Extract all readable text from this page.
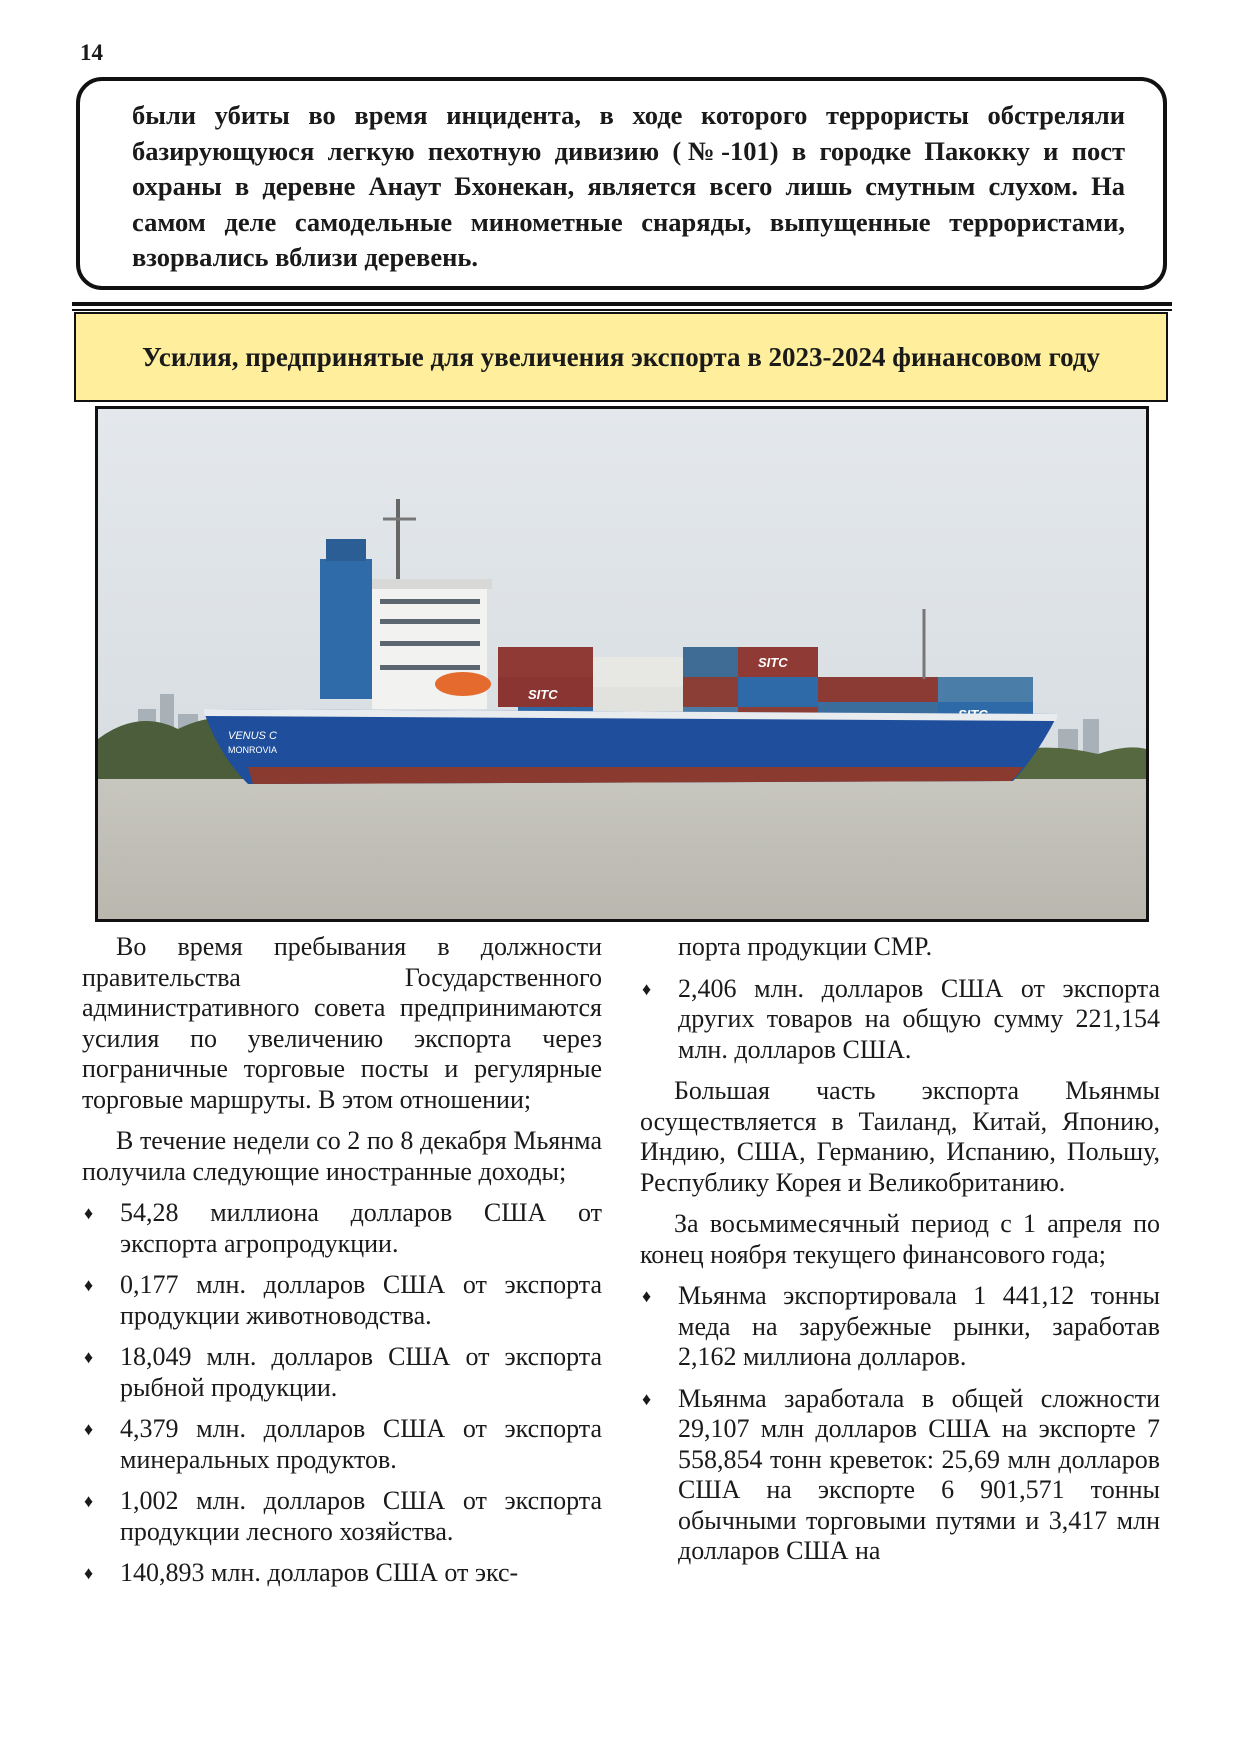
14

были убиты во время инцидента, в ходе которого террористы обстреляли базирующуюся легкую пехотную дивизию (№-101) в городке Пакокку и пост охраны в деревне Анаут Бхонекан, является всего лишь смутным слухом. На самом деле самодельные минометные снаряды, выпущенные террористами, взорвались вблизи деревень.

Усилия, предпринятые для увеличения экспорта в 2023-2024 финансовом году
SITC
SITC
VENUS C
MONROVIA

Во время пребывания в должности правительства Государственного административного совета предпринимаются усилия по увеличению экспорта через пограничные торговые посты и регулярные торговые маршруты. В этом отношении;

В течение недели со 2 по 8 декабря Мьянма получила следующие иностранные доходы;

♦ 54,28 миллиона долларов США от экспорта агропродукции.
♦ 0,177 млн. долларов США от экспорта продукции животноводства.
♦ 18,049 млн. долларов США от экспорта рыбной продукции.
♦ 4,379 млн. долларов США от экспорта минеральных продуктов.
♦ 1,002 млн. долларов США от экспорта продукции лесного хозяйства.
♦ 140,893 млн. долларов США от экс-

порта продукции CMP.

♦ 2,406 млн. долларов США от экспорта других товаров на общую сумму 221,154 млн. долларов США.

Большая часть экспорта Мьянмы осуществляется в Таиланд, Китай, Японию, Индию, США, Германию, Испанию, Польшу, Республику Корея и Великобританию.

За восьмимесячный период с 1 апреля по конец ноября текущего финансового года;

♦ Мьянма экспортировала 1 441,12 тонны меда на зарубежные рынки, заработав 2,162 миллиона долларов.
♦ Мьянма заработала в общей сложности 29,107 млн долларов США на экспорте 7 558,854 тонн креветок: 25,69 млн долларов США на экспорте 6 901,571 тонны обычными торговыми путями и 3,417 млн долларов США на
